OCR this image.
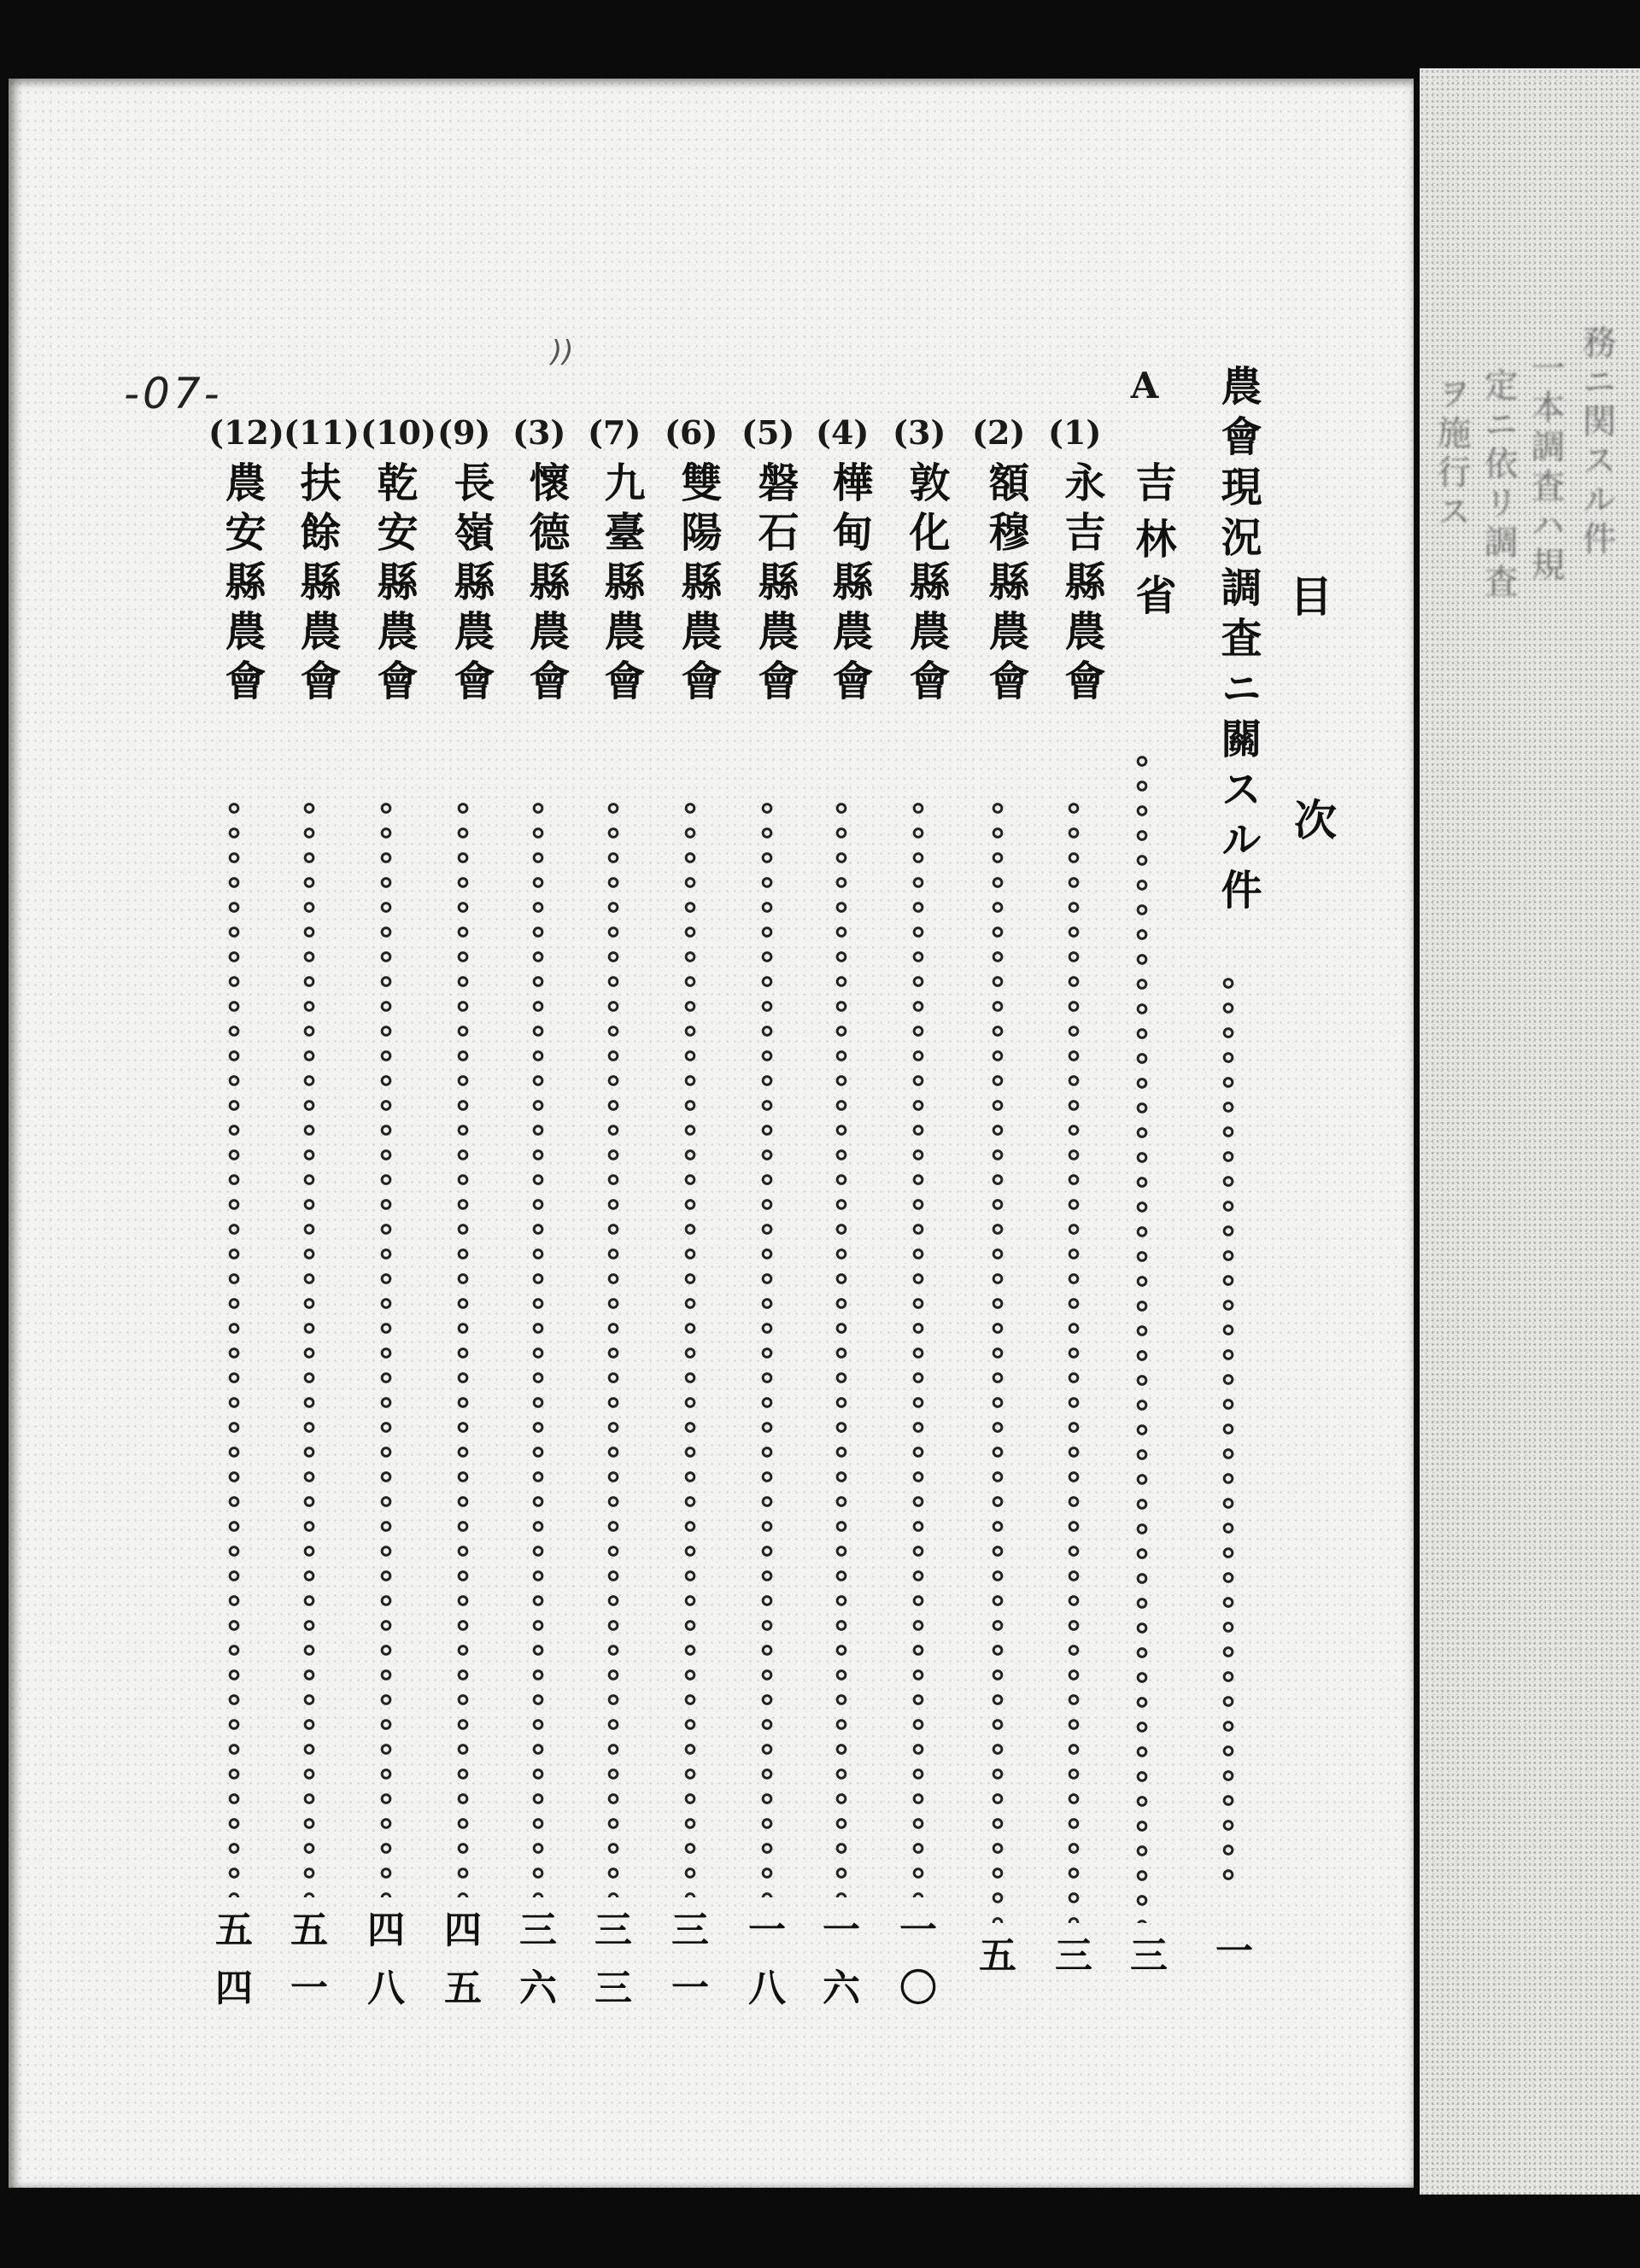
務ニ関スル件
一本調査ハ規
定ニ依リ調査
ヲ施行ス
-07-
))
目
次
農會現況調査ニ關スル件
一
A
吉林省
三
(1)
永吉縣農會
三
(2)
額穆縣農會
五
(3)
敦化縣農會
一
〇
(4)
樺甸縣農會
一
六
(5)
磐石縣農會
一
八
(6)
雙陽縣農會
三
一
(7)
九臺縣農會
三
三
(3)
懷德縣農會
三
六
(9)
長嶺縣農會
四
五
(10)
乾安縣農會
四
八
(11)
扶餘縣農會
五
一
(12)
農安縣農會
五
四
